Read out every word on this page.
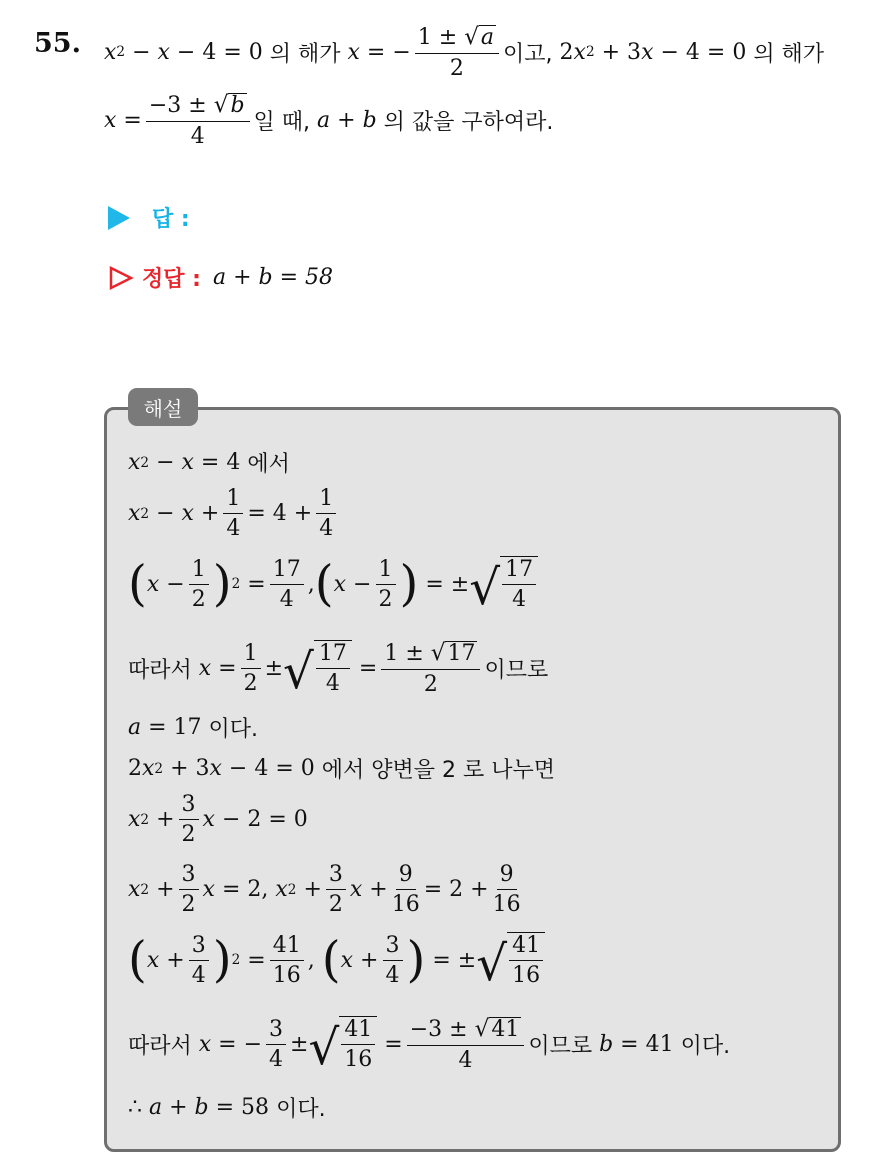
55. x 2 − x − 4 = 0 의 해가 x = − $\frac{1 \pm √ a}{2}$ 이고, 2 x 2 + 3 x − 4 = 0 의 해가
$x = \frac{-3 \pm √ b}{4}$ 일 때, a + b 의 값을 구하여라.
답 :
정답 : a + b = 58
해설
x 2 − x = 4 에서
x $2 - x + \frac{1}{4} = 4 + \frac{1}{4}$
( $x - \frac{1}{2}$ ) $2 = \frac{17}{4}$ , ( $x - \frac{1}{2}$ ) = ± √ $\frac{17}{4}$
따라서 $x = \frac{1}{2}$ ± √ $\frac{17}{4} = \frac{1 \pm √ 17}{2}$ 이므로
a = 17 이다.
2 x 2 + 3 x − 4 = 0 에서 양변을 2 로 나누면
x $2 + \frac{3}{2}$ x − 2 = 0
x $2 + \frac{3}{2}$ x = 2, x $2 + \frac{3}{2}$ $x + \frac{9}{16} = 2 + \frac{9}{16}$
( $x + \frac{3}{4}$ ) $2 = \frac{41}{16}$ , ( $x + \frac{3}{4}$ ) = ± √ $\frac{41}{16}$
따라서 x = − $\frac{3}{4}$ ± √ $\frac{41}{16} = \frac{-3 \pm √ 41}{4}$ 이므로 b = 41 이다.
∴ a + b = 58 이다.
